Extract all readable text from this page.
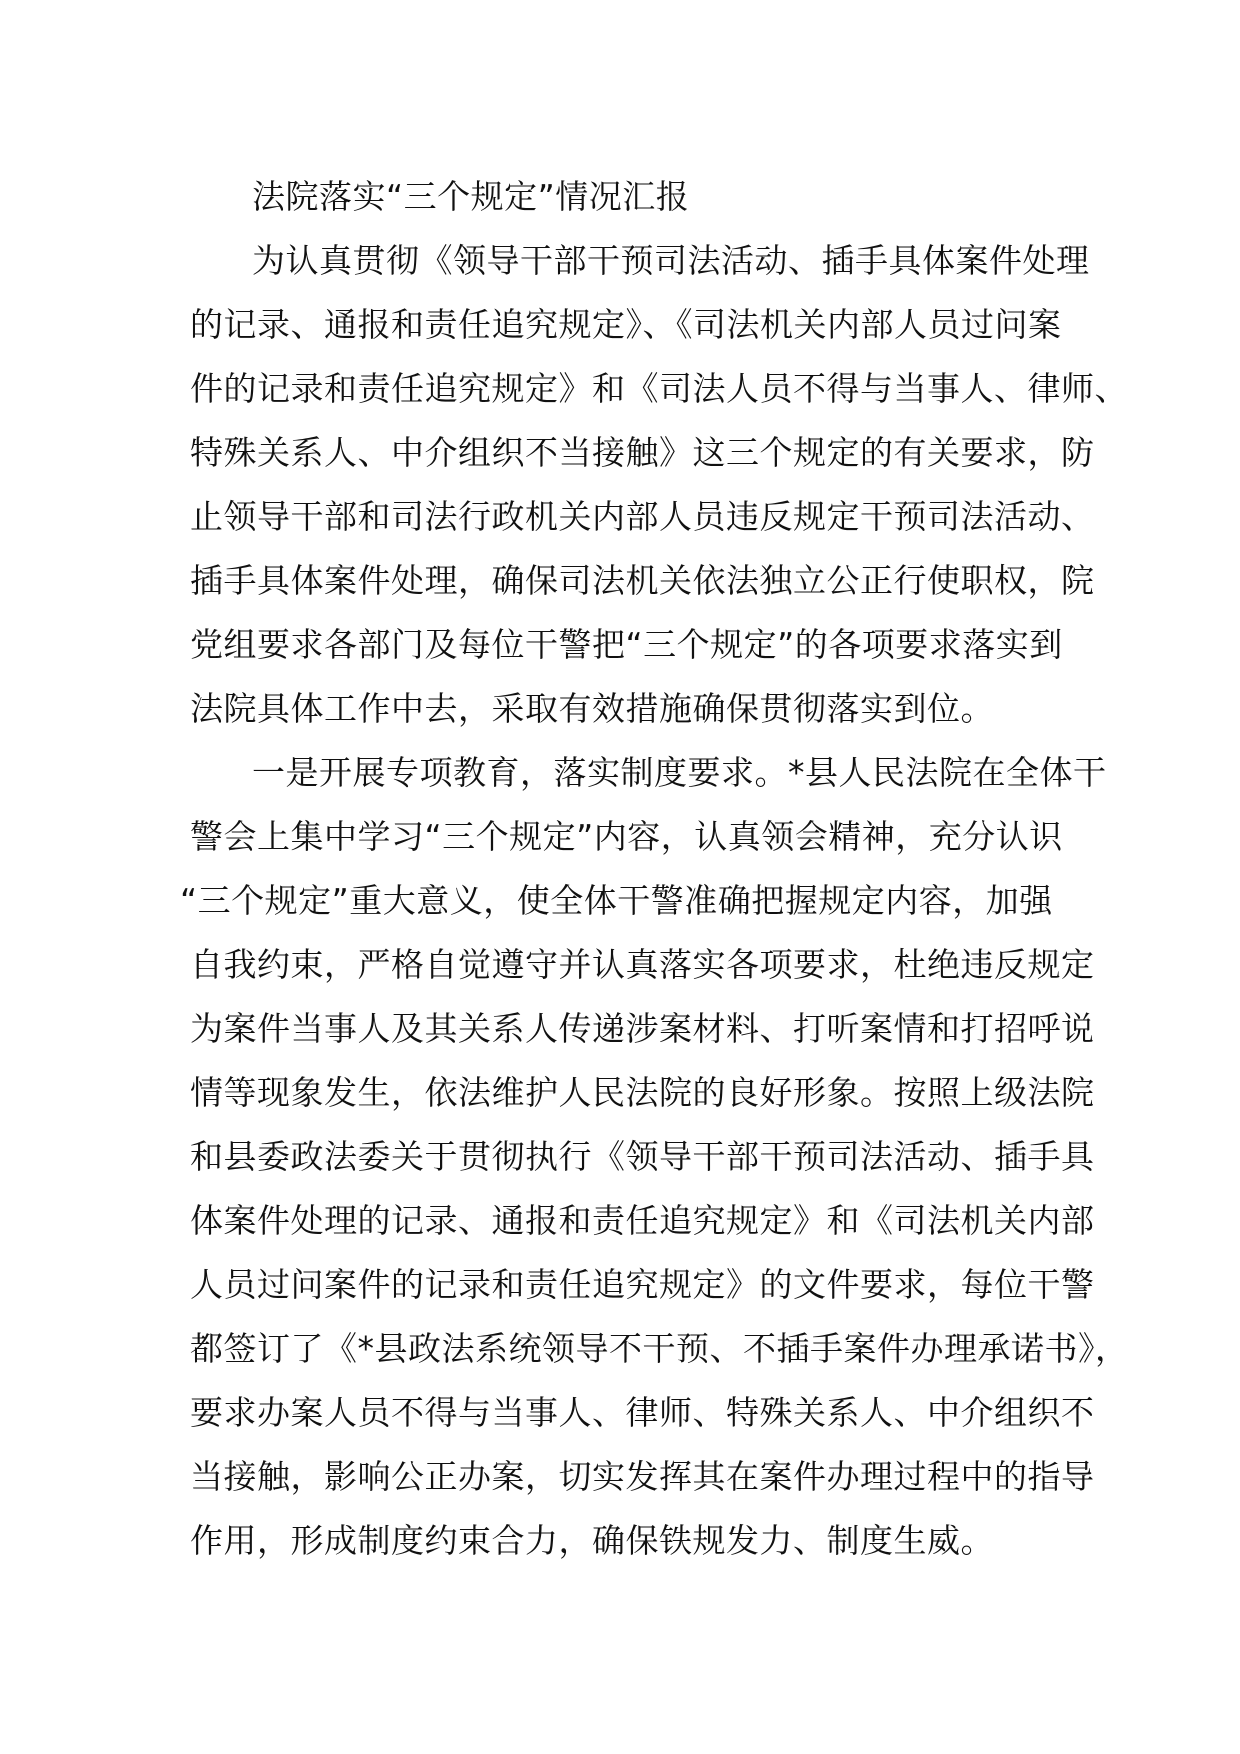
法院落实“三个规定”情况汇报
为认真贯彻《领导干部干预司法活动、插手具体案件处理
的记录、通报和责任追究规定》、《司法机关内部人员过问案
件的记录和责任追究规定》和《司法人员不得与当事人、律师、
特殊关系人、中介组织不当接触》这三个规定的有关要求，防
止领导干部和司法行政机关内部人员违反规定干预司法活动、
插手具体案件处理，确保司法机关依法独立公正行使职权，院
党组要求各部门及每位干警把“三个规定”的各项要求落实到
法院具体工作中去，采取有效措施确保贯彻落实到位。
一是开展专项教育，落实制度要求。*县人民法院在全体干
警会上集中学习“三个规定”内容，认真领会精神，充分认识
“三个规定”重大意义，使全体干警准确把握规定内容，加强
自我约束，严格自觉遵守并认真落实各项要求，杜绝违反规定
为案件当事人及其关系人传递涉案材料、打听案情和打招呼说
情等现象发生，依法维护人民法院的良好形象。按照上级法院
和县委政法委关于贯彻执行《领导干部干预司法活动、插手具
体案件处理的记录、通报和责任追究规定》和《司法机关内部
人员过问案件的记录和责任追究规定》的文件要求，每位干警
都签订了《*县政法系统领导不干预、不插手案件办理承诺书》，
要求办案人员不得与当事人、律师、特殊关系人、中介组织不
当接触，影响公正办案，切实发挥其在案件办理过程中的指导
作用，形成制度约束合力，确保铁规发力、制度生威。
